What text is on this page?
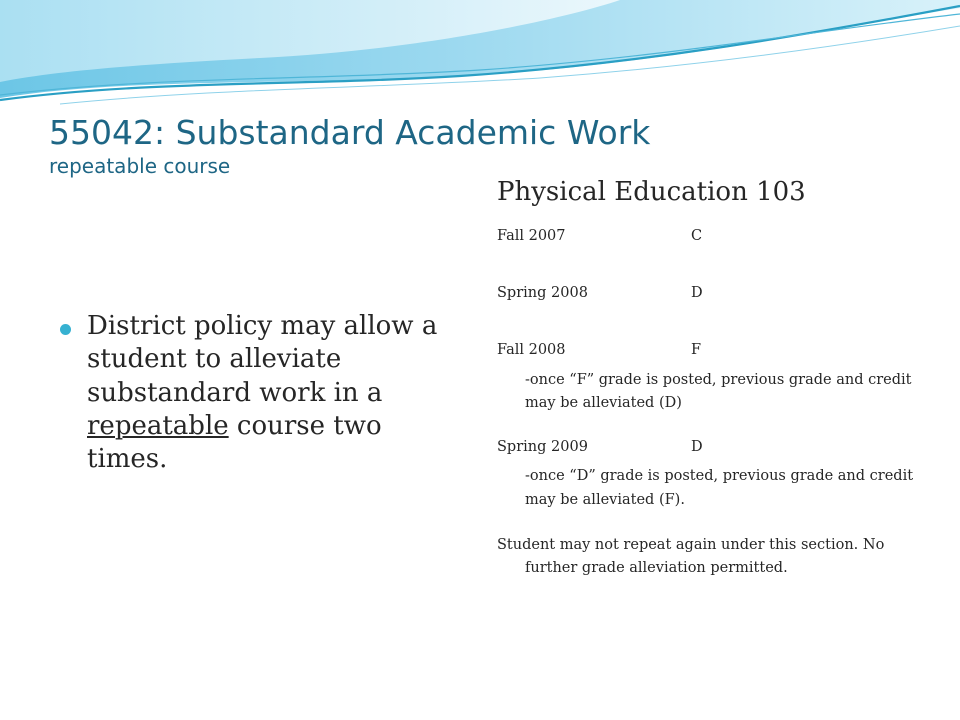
55042: Substandard Academic Work
repeatable course
District policy may allow a student to alleviate substandard work in a repeatable course two times.
Physical Education 103

Fall 2007	C

Spring 2008	D

Fall 2008	F

-once “F” grade is posted, previous grade and credit may be alleviated (D)

Spring 2009	D

-once “D” grade is posted, previous grade and credit may be alleviated (F).

Student may not repeat again under this section. No further grade alleviation permitted.
